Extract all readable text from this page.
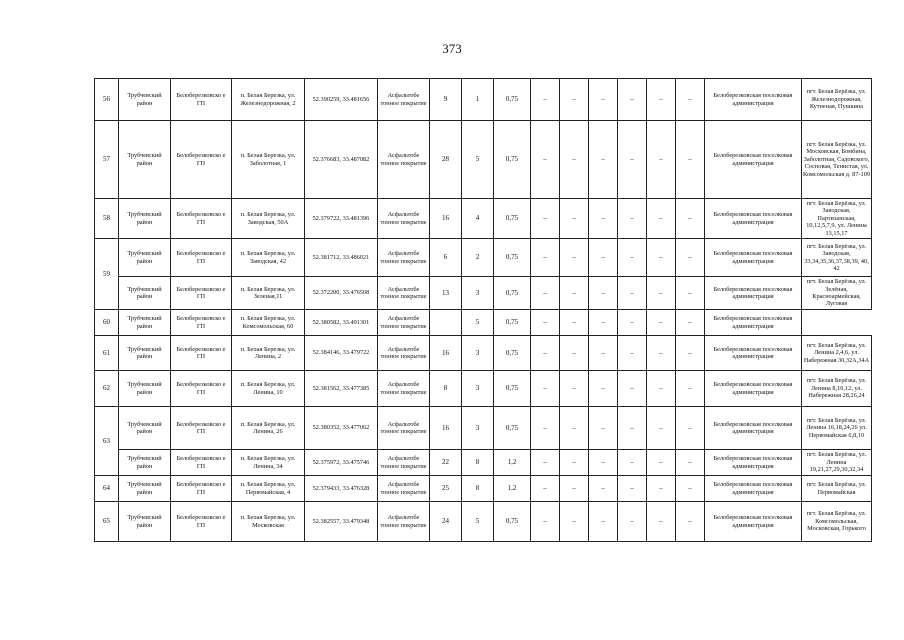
373
56	Трубчевский район	Белоберезковско е ГП	п. Белая Березка, ул. Железнодорожная, 2	52.390259, 33.481656	Асфальтобе тонное покрытие	9	1	0,75	–	–	–	–	–	–	Белоберезковская поселковая администрация	пгт. Белая Берёзка, ул. Железнодорожная, Кутненая, Пушкина
57	Трубчевский район	Белоберезковско е ГП	п. Белая Березка, ул. Заболотная, 1	52.376683, 33.487082	Асфальтобе тонное покрытие	28	5	0,75	–	–	–	–	–	–	Белоберезковская поселковая администрация	пгт. Белая Берёзка, ул. Московская, Бомбина, Заболотная, Садовского, Сосновая, Тенистая, ул. Комсомольская д. 87-109
58	Трубчевский район	Белоберезковско е ГП	п. Белая Березка, ул. Заводская, 50А	52.379722, 33.481396	Асфальтобе тонное покрытие	16	4	0,75	–	–	–	–	–	–	Белоберезковская поселковая администрация	пгт. Белая Берёзка, ул. Заводская, Партизанская, 10,12,5,7,9, ул. Ленина 13,15,17
59	Трубчевский район	Белоберезковско е ГП	п. Белая Березка, ул. Заводская, 42	52.381712, 33.486021	Асфальтобе тонное покрытие	6	2	0,75	–	–	–	–	–	–	Белоберезковская поселковая администрация	пгт. Белая Берёзка, ул. Заводская, 33,34,35,36,37,38,39, 40, 42
	Трубчевский район	Белоберезковско е ГП	п. Белая Березка, ул. Зеленая,11	52.372200, 33.476508	Асфальтобе тонное покрытие	13	3	0,75	–	–	–	–	–	–	Белоберезковская поселковая администрация	пгт. Белая Берёзка, ул. Зелёная, Красноармейская, Луговая
60	Трубчевский район	Белоберезковско е ГП	п. Белая Березка, ул. Комсомольская, 60	52.380582, 33.491301	Асфальтобе тонное покрытие		5	0,75	–	–	–	–	–	–	Белоберезковская поселковая администрация	
61	Трубчевский район	Белоберезковско е ГП	п. Белая Березка, ул. Ленина, 2	52.384146, 33.479722	Асфальтобе тонное покрытие	16	3	0,75	–	–	–	–	–	–	Белоберезковская поселковая администрация	пгт. Белая Берёзка, ул. Ленина 2,4,6, ул. Набережная 30,32А,34А
62	Трубчевский район	Белоберезковско е ГП	п. Белая Березка, ул. Ленина, 10	52.381562, 33.477385	Асфальтобе тонное покрытие	8	3	0,75	–	–	–	–	–	–	Белоберезковская поселковая администрация	пгт. Белая Берёзка, ул. Ленина 8,10,12, ул. Набережная 28,26,24
63	Трубчевский район	Белоберезковско е ГП	п. Белая Березка, ул. Ленина, 26	52.380352, 33.477062	Асфальтобе тонное покрытие	16	3	0,75	–	–	–	–	–	–	Белоберезковская поселковая администрация	пгт. Белая Берёзка, ул. Ленина 16,18,24,26 ул. Первомайская 6,8,10
	Трубчевский район	Белоберезковско е ГП	п. Белая Березка, ул. Ленина, 34	52.375972, 33.475746	Асфальтобе тонное покрытие	22	8	1,2	–	–	–	–	–	–	Белоберезковская поселковая администрация	пгт. Белая Берёзка, ул. Ленина 19,21,27,29,30,32,34
64	Трубчевский район	Белоберезковско е ГП	п. Белая Березка, ул. Первомайская, 4	52.379433, 33.476328	Асфальтобе тонное покрытие	25	8	1,2	–	–	–	–	–	–	Белоберезковская поселковая администрация	пгт. Белая Берёзка, ул. Первомайская
65	Трубчевский район	Белоберезковско е ГП	п. Белая Березка, ул. Московская	52.382557, 33.479348	Асфальтобе тонное покрытие	24	5	0,75	–	–	–	–	–	–	Белоберезковская поселковая администрация	пгт. Белая Берёзка, ул. Комсомольская, Московская, Горького
